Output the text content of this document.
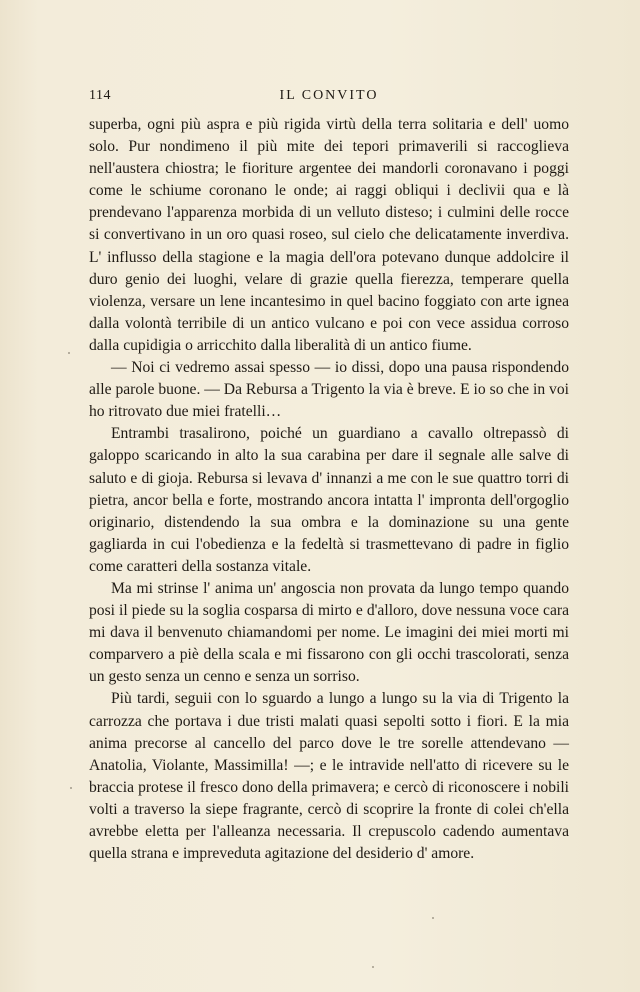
114	IL CONVITO

superba, ogni più aspra e più rigida virtù della terra solitaria e dell' uomo solo. Pur nondimeno il più mite dei tepori primaverili si raccoglieva nell'austera chiostra; le fioriture argentee dei mandorli coronavano i poggi come le schiume coronano le onde; ai raggi obliqui i declivii qua e là prendevano l'apparenza morbida di un velluto disteso; i culmini delle rocce si convertivano in un oro quasi roseo, sul cielo che delicatamente inverdiva. L' influsso della stagione e la magia dell'ora potevano dunque addolcire il duro genio dei luoghi, velare di grazie quella fierezza, temperare quella violenza, versare un lene incantesimo in quel bacino foggiato con arte ignea dalla volontà terribile di un antico vulcano e poi con vece assidua corroso dalla cupidigia o arricchito dalla liberalità di un antico fiume.

— Noi ci vedremo assai spesso — io dissi, dopo una pausa rispondendo alle parole buone. — Da Rebursa a Trigento la via è breve. E io so che in voi ho ritrovato due miei fratelli…

Entrambi trasalirono, poiché un guardiano a cavallo oltrepassò di galoppo scaricando in alto la sua carabina per dare il segnale alle salve di saluto e di gioja. Rebursa si levava d' innanzi a me con le sue quattro torri di pietra, ancor bella e forte, mostrando ancora intatta l' impronta dell'orgoglio originario, distendendo la sua ombra e la dominazione su una gente gagliarda in cui l'obedienza e la fedeltà si trasmettevano di padre in figlio come caratteri della sostanza vitale.

Ma mi strinse l' anima un' angoscia non provata da lungo tempo quando posi il piede su la soglia cosparsa di mirto e d'alloro, dove nessuna voce cara mi dava il benvenuto chiamandomi per nome. Le imagini dei miei morti mi comparvero a piè della scala e mi fissarono con gli occhi trascolorati, senza un gesto senza un cenno e senza un sorriso.

Più tardi, seguii con lo sguardo a lungo a lungo su la via di Trigento la carrozza che portava i due tristi malati quasi sepolti sotto i fiori. E la mia anima precorse al cancello del parco dove le tre sorelle attendevano — Anatolia, Violante, Massimilla! —; e le intravide nell'atto di ricevere su le braccia protese il fresco dono della primavera; e cercò di riconoscere i nobili volti a traverso la siepe fragrante, cercò di scoprire la fronte di colei ch'ella avrebbe eletta per l'alleanza necessaria. Il crepuscolo cadendo aumentava quella strana e impreveduta agitazione del desiderio d' amore.
